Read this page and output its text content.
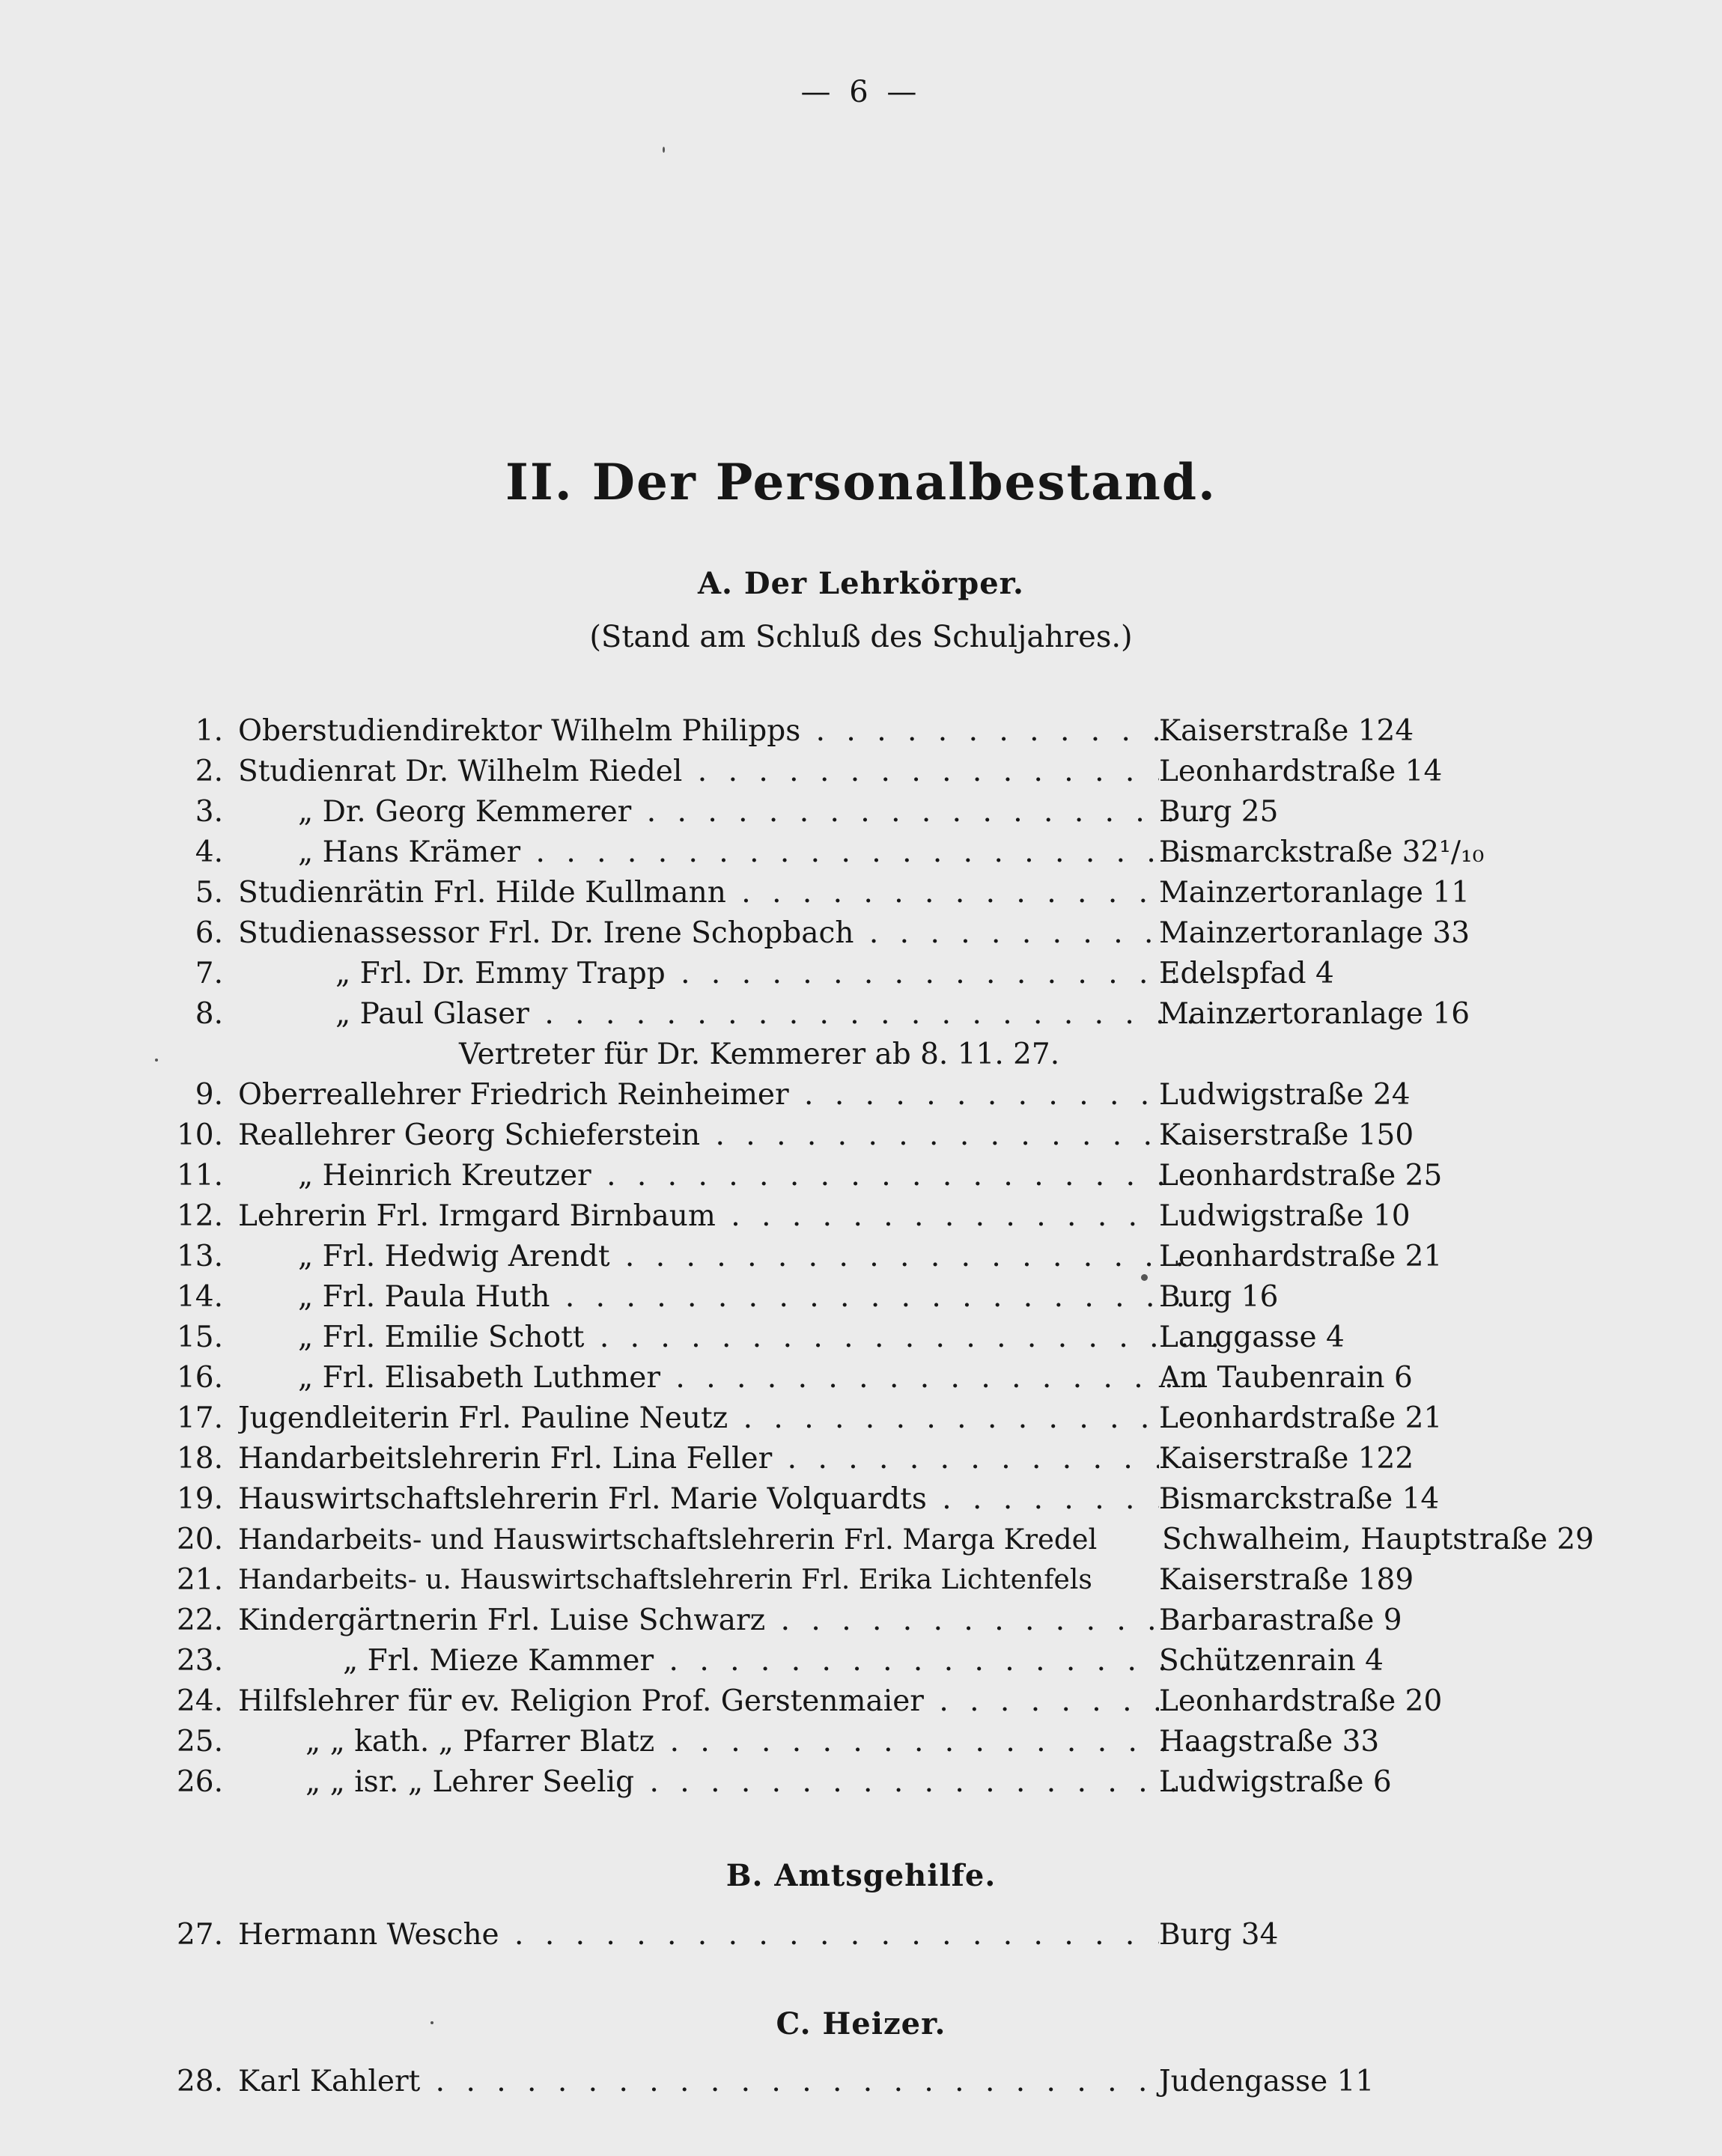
— 6 —
II. Der Personalbestand.
A. Der Lehrkörper.
(Stand am Schluß des Schuljahres.)
1. Oberstudiendirektor Wilhelm Philipps . . .	Kaiserstraße 124
2. Studienrat Dr. Wilhelm Riedel . . .	Leonhardstraße 14
3.	„ Dr. Georg Kemmerer . . .	Burg 25
4.	„ Hans Krämer . . .	Bismarckstraße 32¹/₁₀
5. Studienrätin Frl. Hilde Kullmann . . .	Mainzertoranlage 11
6. Studienassessor Frl. Dr. Irene Schopbach . . .	Mainzertoranlage 33
7.	„ Frl. Dr. Emmy Trapp . . .	Edelspfad 4
8.	„ Paul Glaser . . .	Mainzertoranlage 16
Vertreter für Dr. Kemmerer ab 8. 11. 27.
9. Oberreallehrer Friedrich Reinheimer . . .	Ludwigstraße 24
10. Reallehrer Georg Schieferstein . . .	Kaiserstraße 150
11.	„ Heinrich Kreutzer . . .	Leonhardstraße 25
12. Lehrerin Frl. Irmgard Birnbaum . . .	Ludwigstraße 10
13.	„ Frl. Hedwig Arendt . . .	Leonhardstraße 21
14.	„ Frl. Paula Huth . . .	Burg 16
15.	„ Frl. Emilie Schott . . .	Langgasse 4
16.	„ Frl. Elisabeth Luthmer . . .	Am Taubenrain 6
17. Jugendleiterin Frl. Pauline Neutz . . .	Leonhardstraße 21
18. Handarbeitslehrerin Frl. Lina Feller . . .	Kaiserstraße 122
19. Hauswirtschaftslehrerin Frl. Marie Volquardts . . .	Bismarckstraße 14
20. Handarbeits- und Hauswirtschaftslehrerin Frl. Marga Kredel	Schwalheim, Hauptstraße 29
21. Handarbeits- u. Hauswirtschaftslehrerin Frl. Erika Lichtenfels	Kaiserstraße 189
22. Kindergärtnerin Frl. Luise Schwarz . . .	Barbarastraße 9
23.	„ Frl. Mieze Kammer . . .	Schützenrain 4
24. Hilfslehrer für ev. Religion Prof. Gerstenmaier . . .	Leonhardstraße 20
25.	„ „ kath. „ Pfarrer Blatz . . .	Haagstraße 33
26.	„ „ isr. „ Lehrer Seelig . . .	Ludwigstraße 6
B. Amtsgehilfe.
27. Hermann Wesche . . .	Burg 34
C. Heizer.
28. Karl Kahlert . . .	Judengasse 11
